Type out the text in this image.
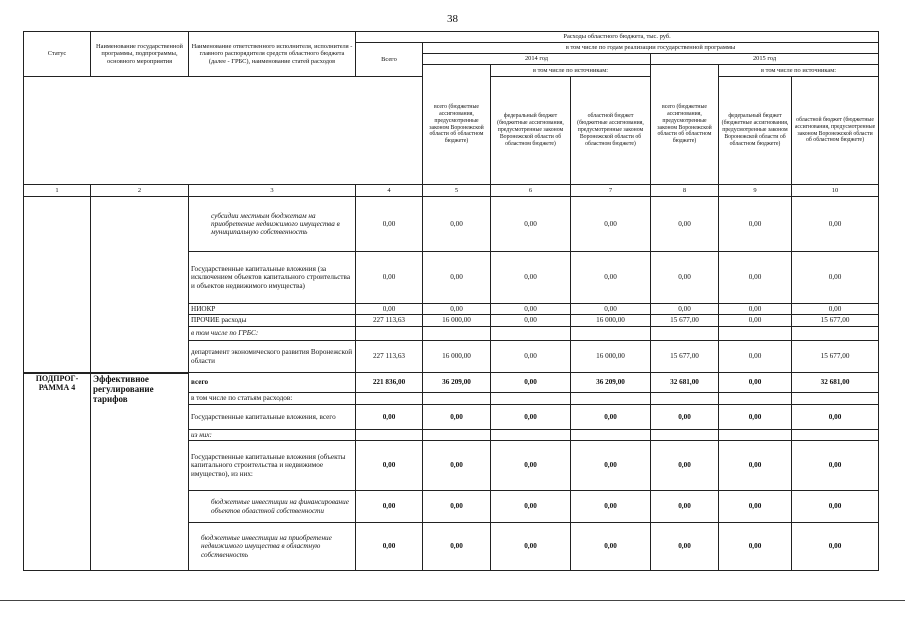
38
Статус	Наименование государственной программы, подпрограммы, основного мероприятия	Наименование ответственного исполнителя, исполнителя - главного распорядителя средств областного бюджета (далее - ГРБС), наименование статей расходов	Расходы областного бюджета, тыс. руб.						
			Всего	в том числе по годам реализации государственной программы					
				2014 год			2015 год		
				всего (бюджетные ассигнования, предусмотренные законом Воронежской области об областном бюджете)	в том числе по источникам:		всего (бюджетные ассигнования, предусмотренные законом Воронежской области об областном бюджете)	в том числе по источникам:	
					федеральный бюджет (бюджетные ассигнования, предусмотренные законом Воронежской области об областном бюджете)	областной бюджет (бюджетные ассигнования, предусмотренные законом Воронежской области об областном бюджете)		федеральный бюджет (бюджетные ассигнования, предусмотренные законом Воронежской области об областном бюджете)	областной бюджет (бюджетные ассигнования, предусмотренные законом Воронежской области об областном бюджете)
1	2	3	4	5	6	7	8	9	10
		субсидии местным бюджетам на приобретение недвижимого имущества в муниципальную собственность	0,00	0,00	0,00	0,00	0,00	0,00	0,00
		Государственные капитальные вложения (за исключением объектов капитального строительства и объектов недвижимого имущества)	0,00	0,00	0,00	0,00	0,00	0,00	0,00
		НИОКР	0,00	0,00	0,00	0,00	0,00	0,00	0,00
		ПРОЧИЕ расходы	227 113,63	16 000,00	0,00	16 000,00	15 677,00	0,00	15 677,00
		в том числе по ГРБС:							
		департамент экономического развития Воронежской области	227 113,63	16 000,00	0,00	16 000,00	15 677,00	0,00	15 677,00
ПОДПРОГ-РАММА 4	Эффективное регулирование тарифов	всего	221 836,00	36 209,00	0,00	36 209,00	32 681,00	0,00	32 681,00
		в том числе по статьям расходов:							
		Государственные капитальные вложения, всего	0,00	0,00	0,00	0,00	0,00	0,00	0,00
		из них:							
		Государственные капитальные вложения (объекты капитального строительства и недвижимое имущество), из них:	0,00	0,00	0,00	0,00	0,00	0,00	0,00
		бюджетные инвестиции на финансирование объектов областной собственности	0,00	0,00	0,00	0,00	0,00	0,00	0,00
		бюджетные инвестиции на приобретение недвижимого имущества в областную собственность	0,00	0,00	0,00	0,00	0,00	0,00	0,00
